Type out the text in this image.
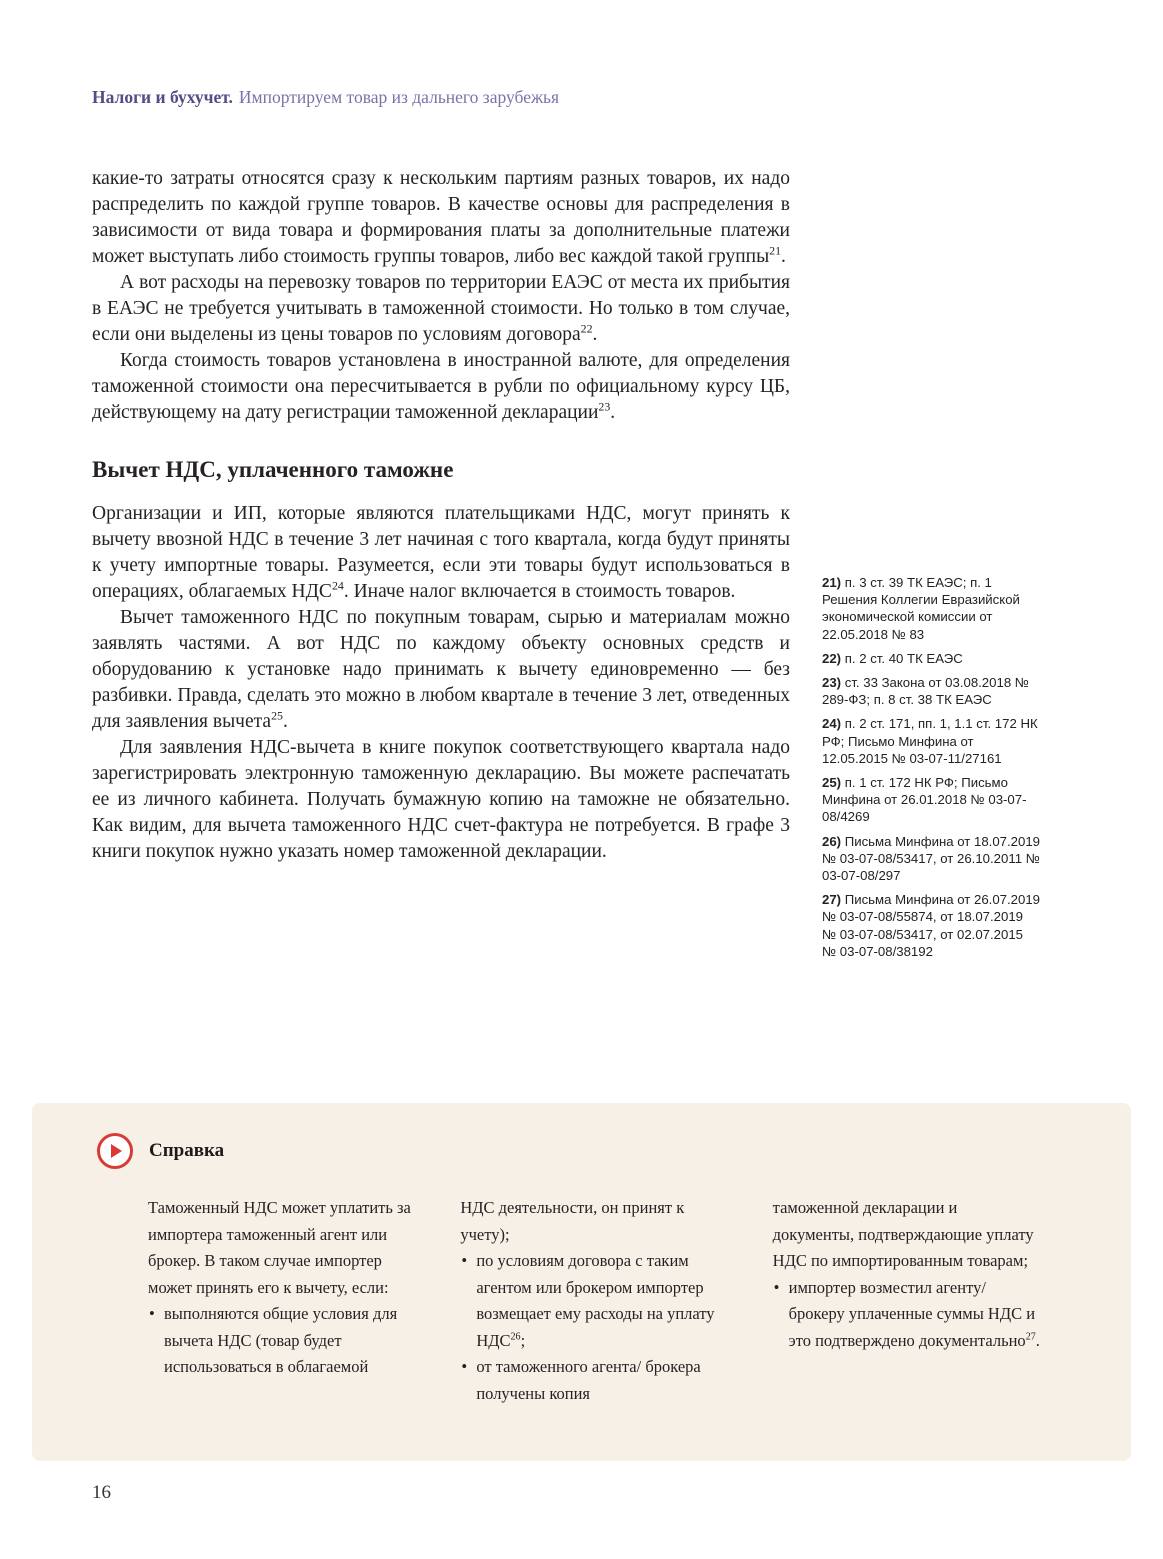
Налоги и бухучет. Импортируем товар из дальнего зарубежья

какие-то затраты относятся сразу к нескольким партиям разных товаров, их надо распределить по каждой группе товаров. В качестве основы для распределения в зависимости от вида товара и формирования платы за дополнительные платежи может выступать либо стоимость группы товаров, либо вес каждой такой группы$^{21}$.

А вот расходы на перевозку товаров по территории ЕАЭС от места их прибытия в ЕАЭС не требуется учитывать в таможенной стоимости. Но только в том случае, если они выделены из цены товаров по условиям договора$^{22}$.

Когда стоимость товаров установлена в иностранной валюте, для определения таможенной стоимости она пересчитывается в рубли по официальному курсу ЦБ, действующему на дату регистрации таможенной декларации$^{23}$.

Вычет НДС, уплаченного таможне

Организации и ИП, которые являются плательщиками НДС, могут принять к вычету ввозной НДС в течение 3 лет начиная с того квартала, когда будут приняты к учету импортные товары. Разумеется, если эти товары будут использоваться в операциях, облагаемых НДС$^{24}$. Иначе налог включается в стоимость товаров.

Вычет таможенного НДС по покупным товарам, сырью и материалам можно заявлять частями. А вот НДС по каждому объекту основных средств и оборудованию к установке надо принимать к вычету единовременно — без разбивки. Правда, сделать это можно в любом квартале в течение 3 лет, отведенных для заявления вычета$^{25}$.

Для заявления НДС-вычета в книге покупок соответствующего квартала надо зарегистрировать электронную таможенную декларацию. Вы можете распечатать ее из личного кабинета. Получать бумажную копию на таможне не обязательно. Как видим, для вычета таможенного НДС счет-фактура не потребуется. В графе 3 книги покупок нужно указать номер таможенной декларации.

21) п. 3 ст. 39 ТК ЕАЭС; п. 1 Решения Коллегии Евразийской экономической комиссии от 22.05.2018 № 83
22) п. 2 ст. 40 ТК ЕАЭС
23) ст. 33 Закона от 03.08.2018 № 289-ФЗ; п. 8 ст. 38 ТК ЕАЭС
24) п. 2 ст. 171, пп. 1, 1.1 ст. 172 НК РФ; Письмо Минфина от 12.05.2015 № 03-07-11/27161
25) п. 1 ст. 172 НК РФ; Письмо Минфина от 26.01.2018 № 03-07-08/4269
26) Письма Минфина от 18.07.2019 № 03-07-08/53417, от 26.10.2011 № 03-07-08/297
27) Письма Минфина от 26.07.2019 № 03-07-08/55874, от 18.07.2019 № 03-07-08/53417, от 02.07.2015 № 03-07-08/38192
Справка

Таможенный НДС может уплатить за импортера таможенный агент или брокер. В таком случае импортер может принять его к вычету, если:

• выполняются общие условия для вычета НДС (товар будет использоваться в облагаемой

НДС деятельности, он принят к учету);

• по условиям договора с таким агентом или брокером импортер возмещает ему расходы на уплату НДС$^{26}$;

• от таможенного агента/ брокера получены копия

таможенной декларации и документы, подтверждающие уплату НДС по импортированным товарам;

• импортер возместил агенту/ брокеру уплаченные суммы НДС и это подтверждено документально$^{27}$.

16
